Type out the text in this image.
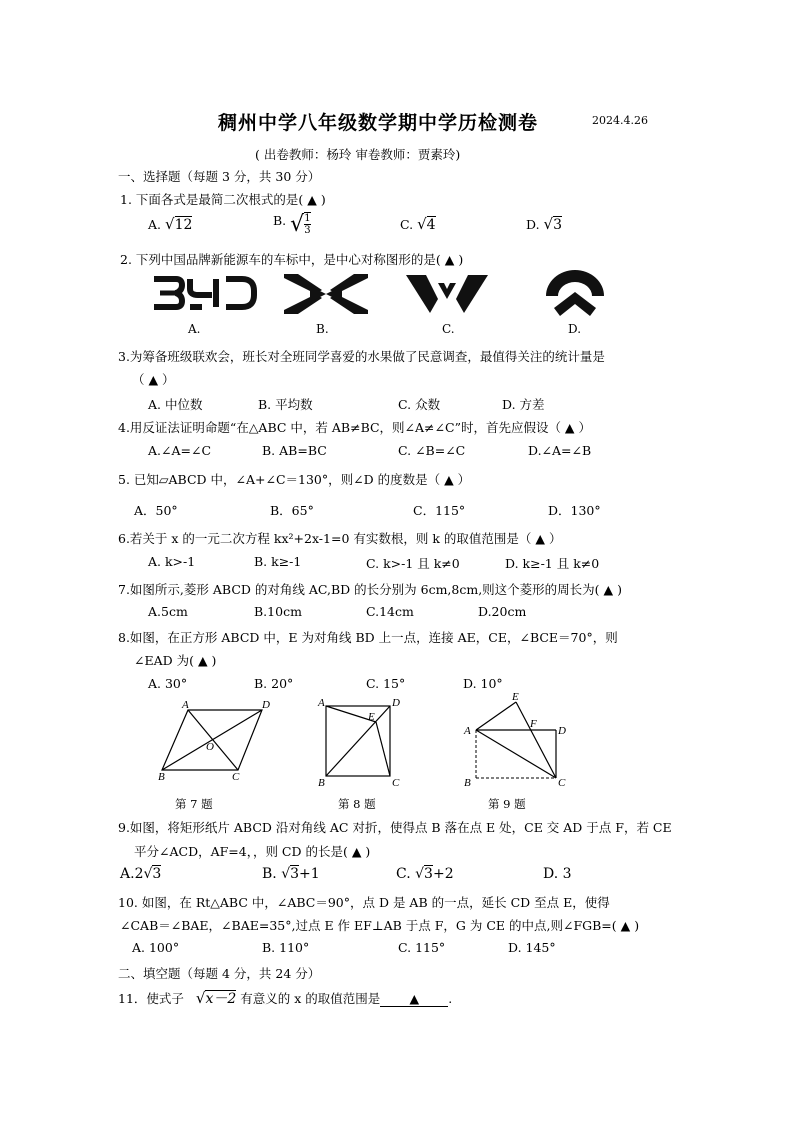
稠州中学八年级数学期中学历检测卷	2024.4.26
( 出卷教师：杨玲 审卷教师：贾素玲)
一、选择题（每题 3 分，共 30 分）
1. 下面各式是最简二次根式的是( ▲ )
A. √12	B. √ $\frac{1}{3}$	C. √4	D. √3
2. 下列中国品牌新能源车的车标中，是中心对称图形的是( ▲ )
A.	B.	C.	D.
3.为筹备班级联欢会，班长对全班同学喜爱的水果做了民意调查，最值得关注的统计量是
（ ▲ ）
A. 中位数	B. 平均数	C. 众数	D. 方差
4.用反证法证明命题“在△ABC 中，若 AB≠BC，则∠A≠∠C”时，首先应假设（ ▲ ）
A.∠A=∠C	B. AB=BC	C. ∠B=∠C	D.∠A=∠B
5. 已知▱ABCD 中，∠A+∠C＝130°，则∠D 的度数是（ ▲ ）
A．50°	B．65°	C．115°	D．130°
6.若关于 x 的一元二次方程 kx²+2x-1=0 有实数根，则 k 的取值范围是（ ▲ ）
A. k>-1	B. k≥-1	C. k>-1 且 k≠0	D. k≥-1 且 k≠0
7.如图所示,菱形 ABCD 的对角线 AC,BD 的长分别为 6cm,8cm,则这个菱形的周长为( ▲ )
A.5cm	B.10cm	C.14cm	D.20cm
8.如图，在正方形 ABCD 中，E 为对角线 BD 上一点，连接 AE，CE，∠BCE＝70°，则
∠EAD 为( ▲ )
A. 30°	B. 20°	C. 15°	D. 10°
A	D
O
B	C
A	D
E
B	C
E
F
A	D
B	C
第 7 题	第 8 题	第 9 题
9.如图，将矩形纸片 ABCD 沿对角线 AC 对折，使得点 B 落在点 E 处，CE 交 AD 于点 F，若 CE
平分∠ACD，AF=4，，则 CD 的长是( ▲ )
A.2√3	B. √3+1	C. √3+2	D. 3
10. 如图，在 Rt△ABC 中，∠ABC＝90°，点 D 是 AB 的一点，延长 CD 至点 E，使得
∠CAB＝∠BAE，∠BAE=35°,过点 E 作 EF⊥AB 于点 F，G 为 CE 的中点,则∠FGB=( ▲ )
A. 100°	B. 110°	C. 115°	D. 145°
二、填空题（每题 4 分，共 24 分）
11．使式子 √x－2 有意义的 x 的取值范围是 ▲ .
